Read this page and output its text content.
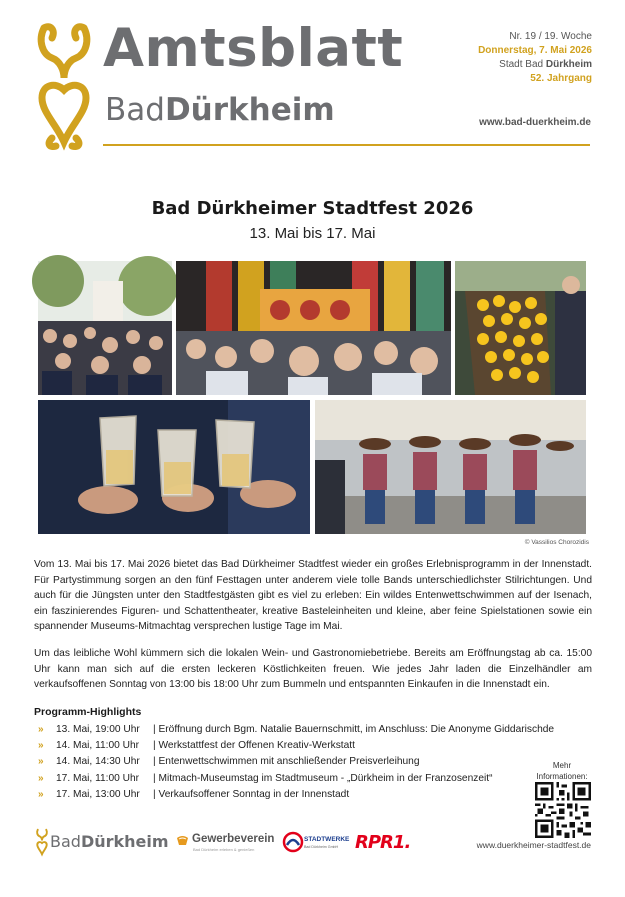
Amtsblatt
BadDürkheim
Nr. 19 / 19. Woche
Donnerstag, 7. Mai 2026
Stadt Bad Dürkheim
52. Jahrgang
www.bad-duerkheim.de
Bad Dürkheimer Stadtfest 2026
13. Mai bis 17. Mai
© Vassilios Chorozidis

Vom 13. Mai bis 17. Mai 2026 bietet das Bad Dürkheimer Stadtfest wieder ein großes Erlebnisprogramm in der Innenstadt. Für Partystimmung sorgen an den fünf Festtagen unter anderem viele tolle Bands unterschiedlichster Stilrichtungen. Und auch für die Jüngsten unter den Stadtfestgästen gibt es viel zu erleben: Ein wildes Entenwettschwimmen auf der Isenach, ein faszinierendes Figuren- und Schattentheater, kreative Basteleinheiten und kleine, aber feine Spielstationen sowie ein spannender Museums-Mitmachtag versprechen lustige Tage im Mai.

Um das leibliche Wohl kümmern sich die lokalen Wein- und Gastronomiebetriebe. Bereits am Eröffnungstag ab ca. 15:00 Uhr kann man sich auf die ersten leckeren Köstlichkeiten freuen. Wie jedes Jahr laden die Einzelhändler am verkaufsoffenen Sonntag von 13:00 bis 18:00 Uhr zum Bummeln und entspannten Einkaufen in die Innenstadt ein.

Programm-Highlights
»	13. Mai, 19:00 Uhr	| Eröffnung durch Bgm. Natalie Bauernschmitt, im Anschluss: Die Anonyme Giddarischde
»	14. Mai, 11:00 Uhr	| Werkstattfest der Offenen Kreativ-Werkstatt
»	14. Mai, 14:30 Uhr	| Entenwettschwimmen mit anschließender Preisverleihung
»	17. Mai, 11:00 Uhr	| Mitmach-Museumstag im Stadtmuseum - „Dürkheim in der Franzosenzeit“
»	17. Mai, 13:00 Uhr	| Verkaufsoffener Sonntag in der Innenstadt
Mehr
Informationen:
BadDürkheim Gewerbeverein
Bad Dürkheim erleben & genießen
STADTWERKE
Bad Dürkheim GmbH RPR1.	www.duerkheimer-stadtfest.de
